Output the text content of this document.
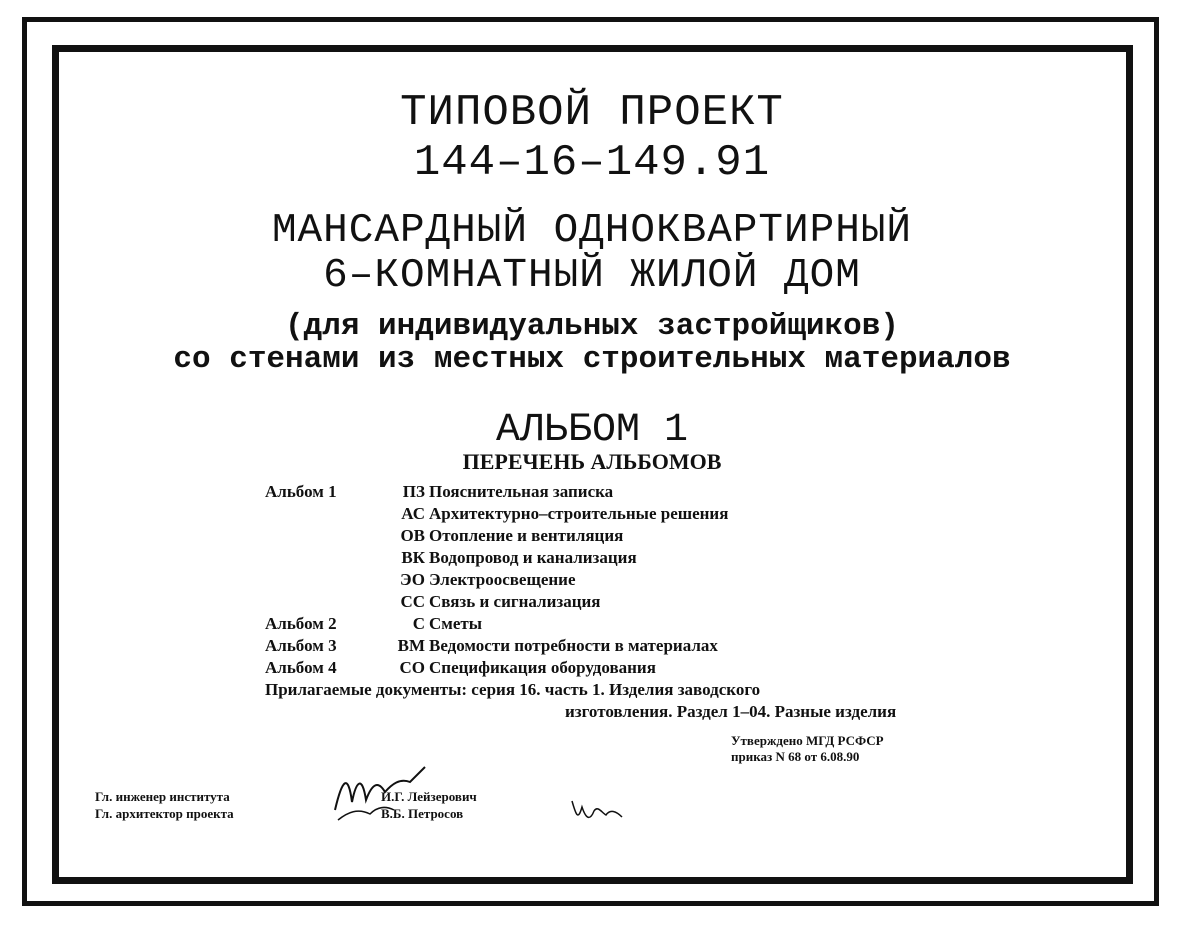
ТИПОВОЙ ПРОЕКТ
144–16–149.91
МАНСАРДНЫЙ ОДНОКВАРТИРНЫЙ
6–КОМНАТНЫЙ ЖИЛОЙ ДОМ
(для индивидуальных застройщиков)
со стенами из местных строительных материалов
АЛЬБОМ 1
ПЕРЕЧЕНЬ АЛЬБОМОВ
Альбом 1	ПЗ Пояснительная записка
АС Архитектурно–строительные решения
ОВ Отопление и вентиляция
ВК Водопровод и канализация
ЭО Электроосвещение
СС Связь и сигнализация
Альбом 2	С Сметы
Альбом 3	ВМ Ведомости потребности в материалах
Альбом 4	СО Спецификация оборудования
Прилагаемые документы: серия 16. часть 1. Изделия заводского
изготовления. Раздел 1–04. Разные изделия
Утверждено МГД РСФСР
приказ N 68 от 6.08.90
Гл. инженер института	И.Г. Лейзерович
Гл. архитектор проекта	В.Б. Петросов
